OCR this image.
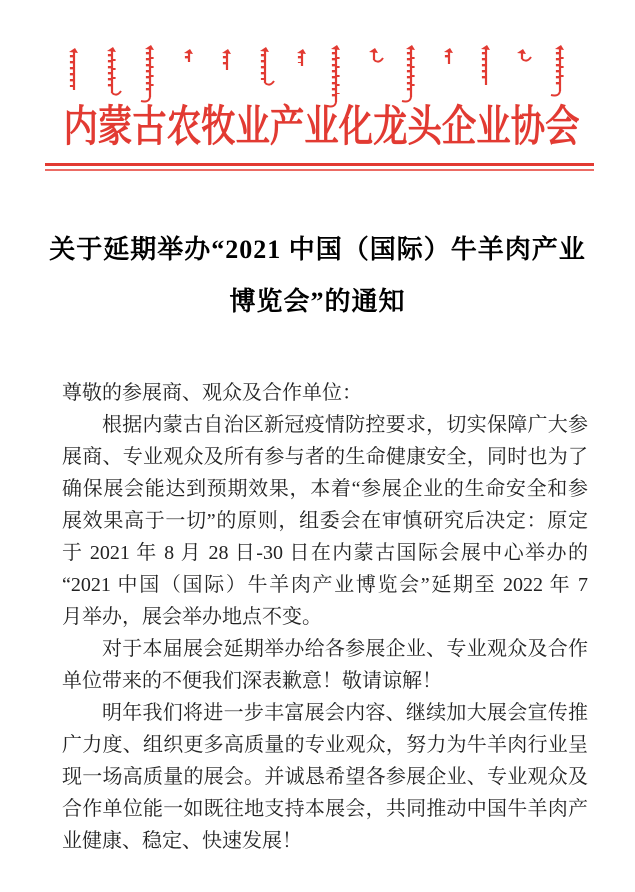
内蒙古农牧业产业化龙头企业协会
关于延期举办“2021 中国（国际）牛羊肉产业
博览会”的通知
尊敬的参展商、观众及合作单位：
根据内蒙古自治区新冠疫情防控要求，切实保障广大参
展商、专业观众及所有参与者的生命健康安全，同时也为了
确保展会能达到预期效果，本着“参展企业的生命安全和参
展效果高于一切”的原则，组委会在审慎研究后决定：原定
于 2021 年 8 月 28 日-30 日在内蒙古国际会展中心举办的
“2021 中国（国际）牛羊肉产业博览会”延期至 2022 年 7
月举办，展会举办地点不变。
对于本届展会延期举办给各参展企业、专业观众及合作
单位带来的不便我们深表歉意！敬请谅解！
明年我们将进一步丰富展会内容、继续加大展会宣传推
广力度、组织更多高质量的专业观众，努力为牛羊肉行业呈
现一场高质量的展会。并诚恳希望各参展企业、专业观众及
合作单位能一如既往地支持本展会，共同推动中国牛羊肉产
业健康、稳定、快速发展！
